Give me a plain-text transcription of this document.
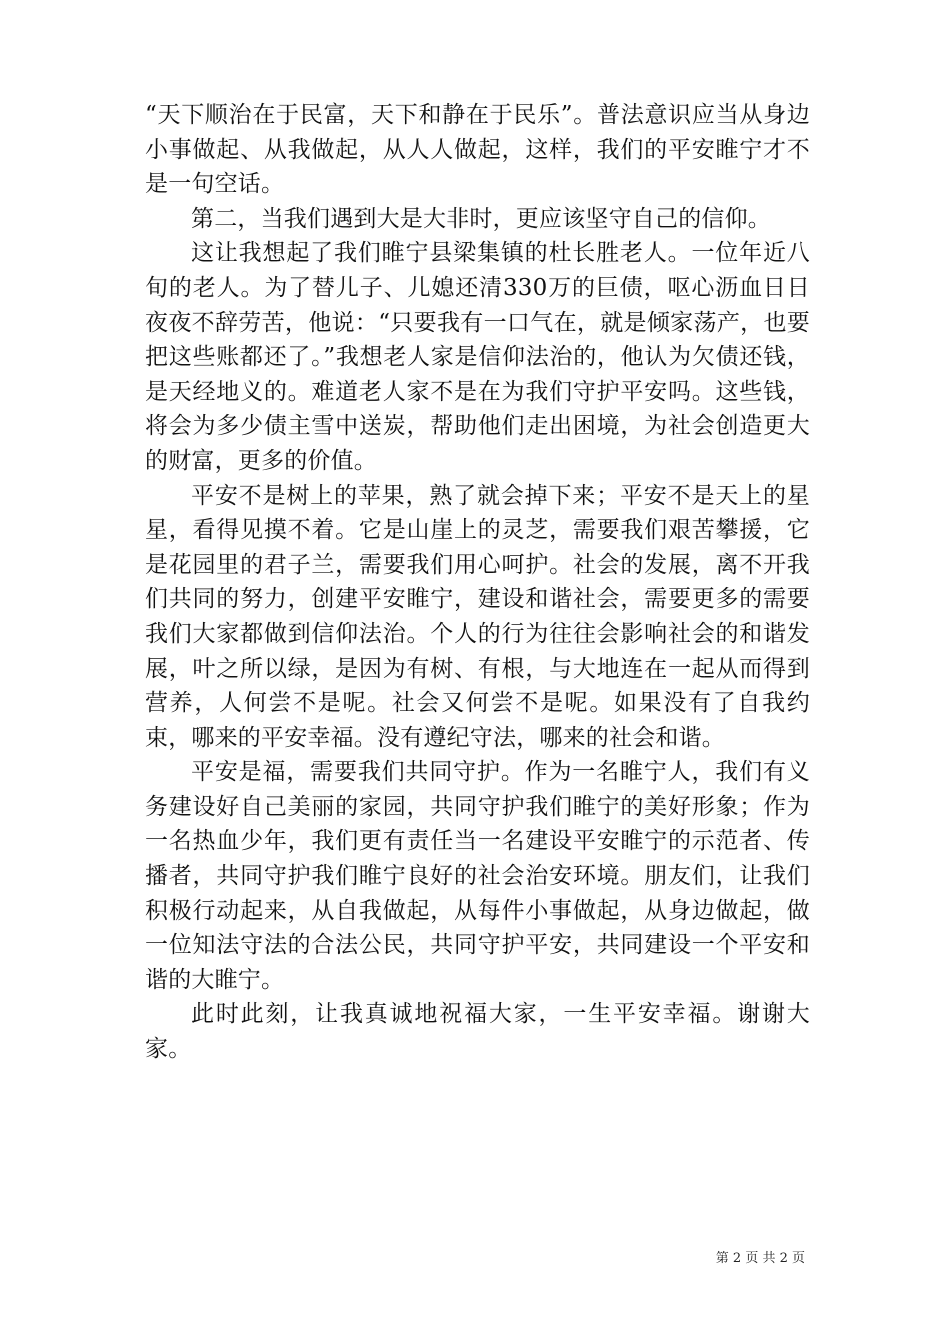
“天下顺治在于民富，天下和静在于民乐”。普法意识应当从身边小事做起、从我做起，从人人做起，这样，我们的平安睢宁才不是一句空话。

第二，当我们遇到大是大非时，更应该坚守自己的信仰。

这让我想起了我们睢宁县梁集镇的杜长胜老人。一位年近八旬的老人。为了替儿子、儿媳还清330万的巨债，呕心沥血日日夜夜不辞劳苦，他说：“只要我有一口气在，就是倾家荡产，也要把这些账都还了。”我想老人家是信仰法治的，他认为欠债还钱，是天经地义的。难道老人家不是在为我们守护平安吗。这些钱，将会为多少债主雪中送炭，帮助他们走出困境，为社会创造更大的财富，更多的价值。

平安不是树上的苹果，熟了就会掉下来；平安不是天上的星星，看得见摸不着。它是山崖上的灵芝，需要我们艰苦攀援，它是花园里的君子兰，需要我们用心呵护。社会的发展，离不开我们共同的努力，创建平安睢宁，建设和谐社会，需要更多的需要我们大家都做到信仰法治。个人的行为往往会影响社会的和谐发展，叶之所以绿，是因为有树、有根，与大地连在一起从而得到营养，人何尝不是呢。社会又何尝不是呢。如果没有了自我约束，哪来的平安幸福。没有遵纪守法，哪来的社会和谐。

平安是福，需要我们共同守护。作为一名睢宁人，我们有义务建设好自己美丽的家园，共同守护我们睢宁的美好形象；作为一名热血少年，我们更有责任当一名建设平安睢宁的示范者、传播者，共同守护我们睢宁良好的社会治安环境。朋友们，让我们积极行动起来，从自我做起，从每件小事做起，从身边做起，做一位知法守法的合法公民，共同守护平安，共同建设一个平安和谐的大睢宁。

此时此刻，让我真诚地祝福大家，一生平安幸福。谢谢大家。

第 2 页 共 2 页
